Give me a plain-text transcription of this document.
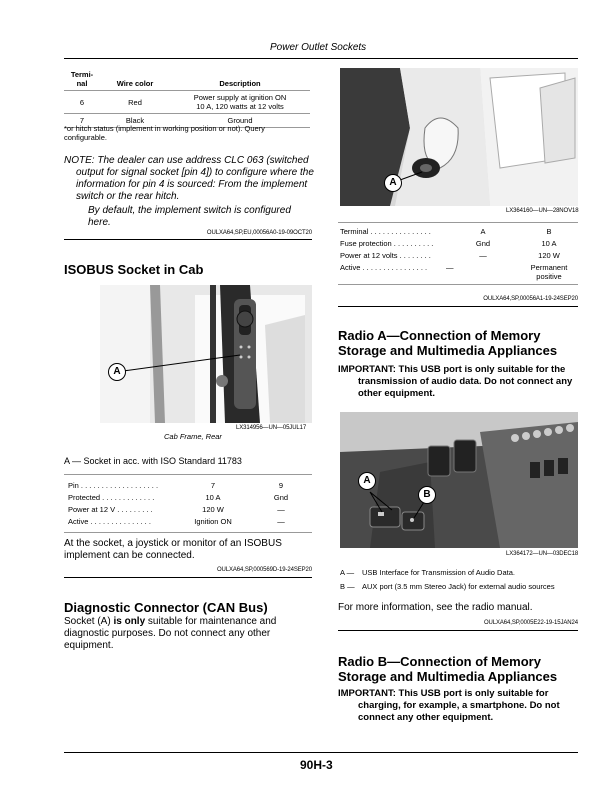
Power Outlet Sockets
Termi-
nal	Wire color	Description
6	Red	Power supply at ignition ON 10 A, 120 watts at 12 volts
7	Black	Ground
*or hitch status (implement in working position or not). Query configurable.
NOTE: The dealer can use address CLC 063 (switched output for signal socket [pin 4]) to configure where the information for pin 4 is sourced: From the implement switch or the rear hitch.
By default, the implement switch is configured here.
OULXA64,SP,EU,00056A0-19-09OCT20
ISOBUS Socket in Cab
A
LX314956—UN—05JUL17
Cab Frame, Rear
A — Socket in acc. with ISO Standard 11783
Pin . . . . . . . . . . . . . . . . . . .	7	9
Protected . . . . . . . . . . . . .	10 A	Gnd
Power at 12 V . . . . . . . . .	120 W	—
Active . . . . . . . . . . . . . . .	Ignition ON	—
At the socket, a joystick or monitor of an ISOBUS implement can be connected.
OULXA64,SP,000569D-19-24SEP20
Diagnostic Connector (CAN Bus)
Socket (A) is only suitable for maintenance and diagnostic purposes. Do not connect any other equipment.
A
LX364160—UN—28NOV18
Terminal . . . . . . . . . . . . . . .	A	B
Fuse protection . . . . . . . . . .	Gnd	10 A
Power at 12 volts . . . . . . . .	—	120 W
Active . . . . . . . . . . . . . . . .	—	Permanent positive
OULXA64,SP,00056A1-19-24SEP20
Radio A—Connection of Memory Storage and Multimedia Appliances
IMPORTANT: This USB port is only suitable for the transmission of audio data. Do not connect any other equipment.
A
B
LX364172—UN—03DEC18
A — USB Interface for Transmission of Audio Data.
B — AUX port (3.5 mm Stereo Jack) for external audio sources
For more information, see the radio manual.
OULXA64,SP,0005E22-19-15JAN24
Radio B—Connection of Memory Storage and Multimedia Appliances
IMPORTANT: This USB port is only suitable for charging, for example, a smartphone. Do not connect any other equipment.
90H-3
